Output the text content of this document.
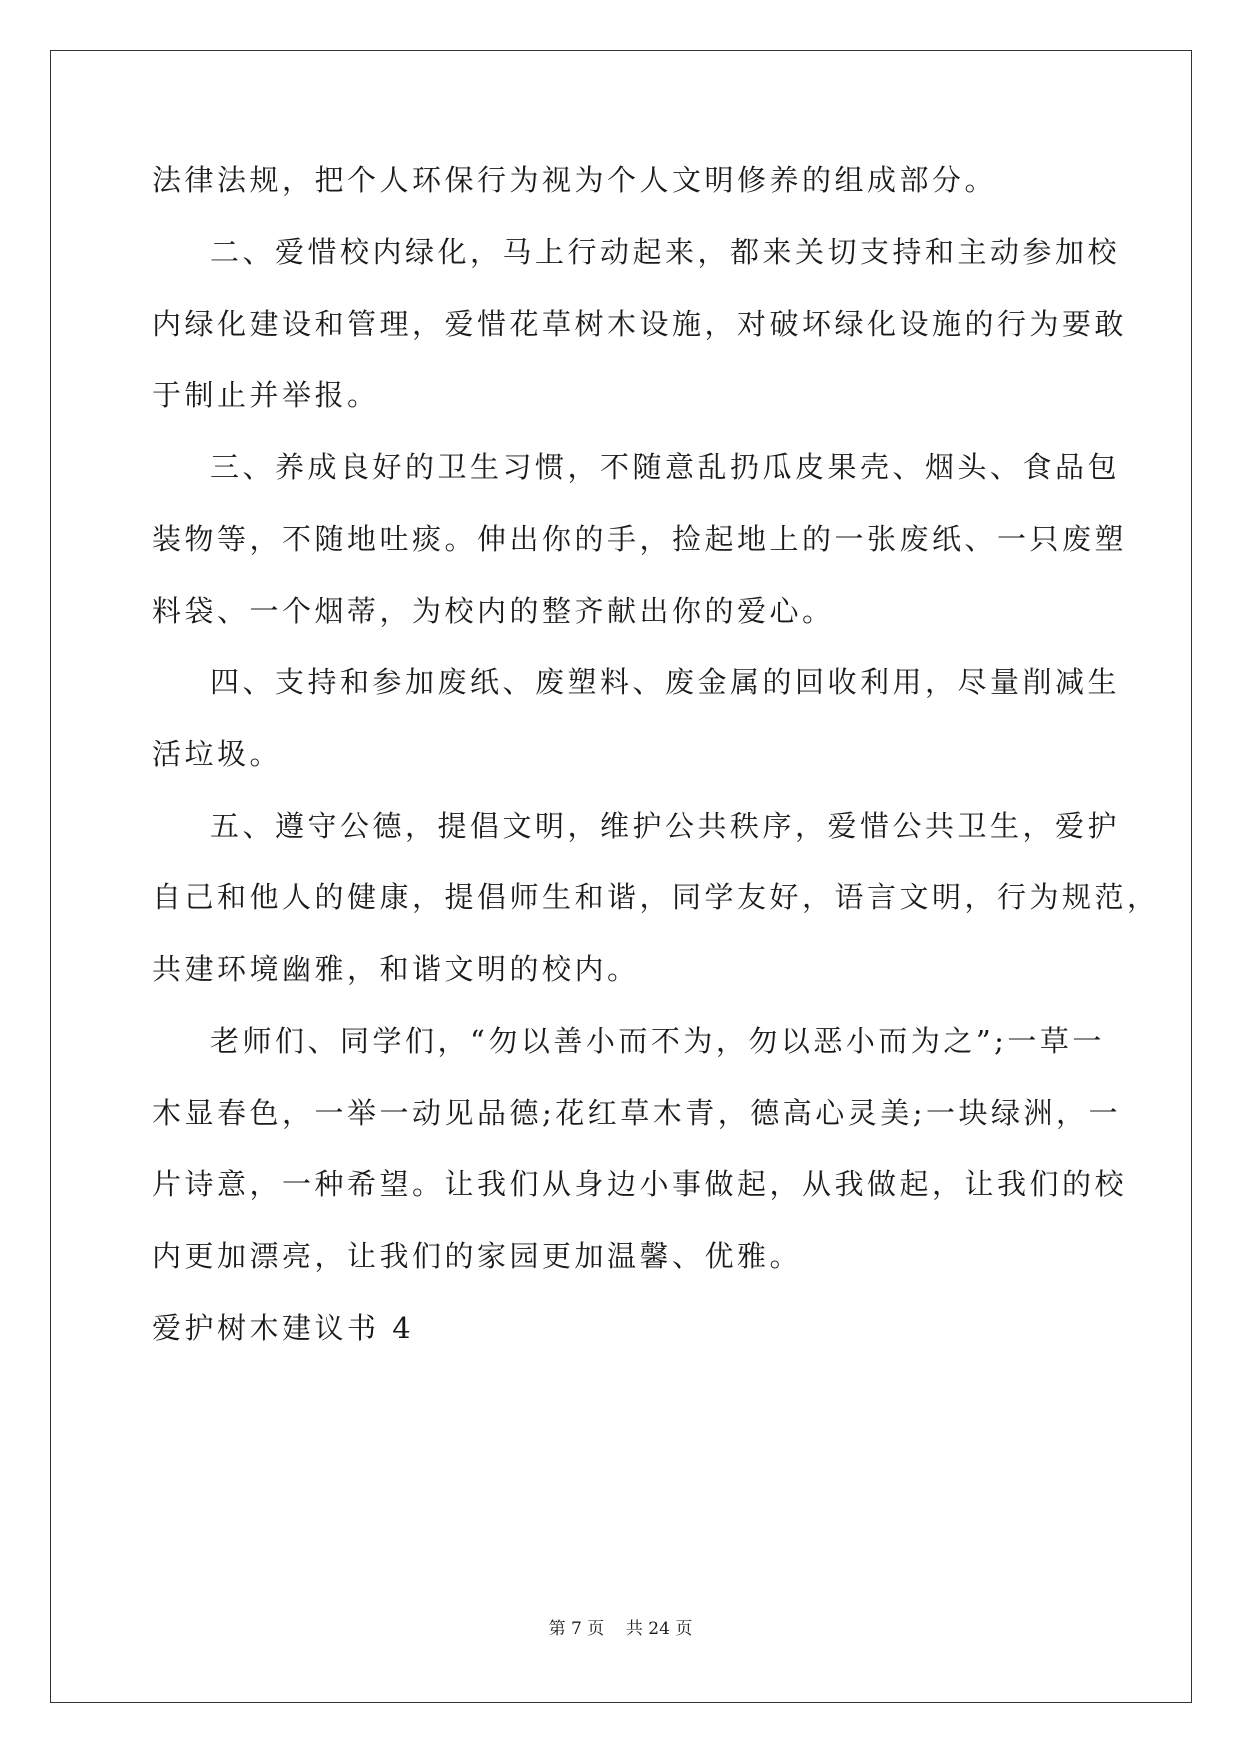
法律法规，把个人环保行为视为个人文明修养的组成部分。
二、爱惜校内绿化，马上行动起来，都来关切支持和主动参加校
内绿化建设和管理，爱惜花草树木设施，对破坏绿化设施的行为要敢
于制止并举报。
三、养成良好的卫生习惯，不随意乱扔瓜皮果壳、烟头、食品包
装物等，不随地吐痰。伸出你的手，捡起地上的一张废纸、一只废塑
料袋、一个烟蒂，为校内的整齐献出你的爱心。
四、支持和参加废纸、废塑料、废金属的回收利用，尽量削减生
活垃圾。
五、遵守公德，提倡文明，维护公共秩序，爱惜公共卫生，爱护
自己和他人的健康，提倡师生和谐，同学友好，语言文明，行为规范，
共建环境幽雅，和谐文明的校内。
老师们、同学们，“勿以善小而不为，勿以恶小而为之”;一草一
木显春色，一举一动见品德;花红草木青，德高心灵美;一块绿洲，一
片诗意，一种希望。让我们从身边小事做起，从我做起，让我们的校
内更加漂亮，让我们的家园更加温馨、优雅。
爱护树木建议书 4
第 7 页    共 24 页
